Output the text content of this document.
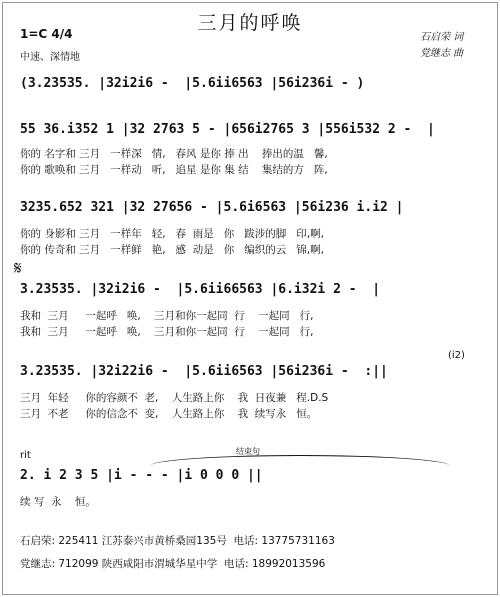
三月的呼唤
石启荣 词
党继志 曲
1=C 4/4
中速、深情地
(3.23535. |32i2i6 -  |5.6ii6563 |56i236i - )
55 36.i352 1 |32 2763 5 - |656i2765 3 |556i532 2 -  |
你的 名字和 三月   一样深   情,   春风 是你 捧 出    捧出的温   馨,
你的 歌唤和 三月   一样动   听,   追星 是你 集 结    集结的方   阵,
3235.652 321 |32 27656 - |5.6i6563 |56i236 i.i2 |
你的 身影和 三月   一样年   轻,   春  雨是   你   跋涉的脚   印,啊,
你的 传奇和 三月   一样鲜   艳,   感  动是   你   编织的云   锦,啊,
𝄋
3.23535. |32i2i6 -  |5.6ii66563 |6.i32i 2 -  |
我和  三月     一起呼   唤,    三月和你一起同  行    一起同   行,
我和  三月     一起呼   唤,    三月和你一起同  行    一起同   行,
(i2)
3.23535. |32i22i6 -  |5.6ii6563 |56i236i -  :||
三月  年轻     你的容颜不  老,    人生路上你    我  日夜兼   程.D.S
三月  不老     你的信念不  变,    人生路上你    我  续写永   恒。
rit	结束句
2. i 2 3 5 |i - - - |i 0 0 0 ||
续 写  永    恒。
石启荣: 225411 江苏泰兴市黄桥桑园135号  电话: 13775731163
党继志: 712099 陕西咸阳市渭城华星中学  电话: 18992013596
